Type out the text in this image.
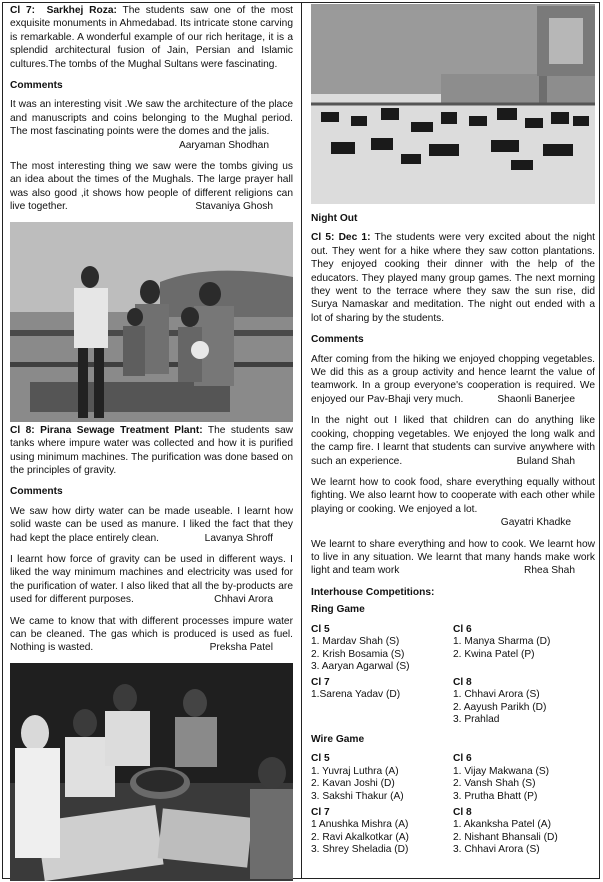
Cl 7: Sarkhej Roza: The students saw one of the most exquisite monuments in Ahmedabad. Its intricate stone carving is remarkable. A wonderful example of our rich heritage, it is a splendid architectural fusion of Jain, Persian and Islamic cultures.The tombs of the Mughal Sultans were fascinating.

Comments

It was an interesting visit .We saw the architecture of the place and manuscripts and coins belonging to the Mughal period. The most fascinating points were the domes and the jalis.

Aaryaman Shodhan

The most interesting thing we saw were the tombs giving us an idea about the times of the Mughals. The large prayer hall was also good ,it shows how people of different religions can live together.	Stavaniya Ghosh

Cl 8: Pirana Sewage Treatment Plant: The students saw tanks where impure water was collected and how it is purified using minimum machines. The purification was done based on the principles of gravity.

Comments

We saw how dirty water can be made useable. I learnt how solid waste can be used as manure. I liked the fact that they had kept the place entirely clean.	Lavanya Shroff

I learnt how force of gravity can be used in different ways. I liked the way minimum machines and electricity was used for the purification of water. I also liked that all the by-products are used for different purposes.	Chhavi Arora

We came to know that with different processes impure water can be cleaned. The gas which is produced is used as fuel. Nothing is wasted.	Preksha Patel

Night Out

Cl 5: Dec 1: The students were very excited about the night out. They went for a hike where they saw cotton plantations. They enjoyed cooking their dinner with the help of the educators. They played many group games. The next morning they went to the terrace where they saw the sun rise, did Surya Namaskar and meditation. The night out ended with a lot of sharing by the students.

Comments

After coming from the hiking we enjoyed chopping vegetables. We did this as a group activity and hence learnt the value of teamwork. In a group everyone's cooperation is required. We enjoyed our Pav-Bhaji very much.	Shaonli Banerjee

In the night out I liked that children can do anything like cooking, chopping vegetables. We enjoyed the long walk and the camp fire. I learnt that students can survive anywhere with such an experience.	Buland Shah

We learnt how to cook food, share everything equally without fighting. We also learnt how to cooperate with each other while playing or cooking. We enjoyed a lot.

Gayatri Khadke

We learnt to share everything and how to cook. We learnt how to live in any situation. We learnt that many hands make work light and team work	Rhea Shah

Interhouse Competitions:
Ring Game
Cl 5
1. Mardav Shah (S)
2. Krish Bosamia (S)
3. Aaryan Agarwal (S)
Cl 6
1. Manya Sharma (D)
2. Kwina Patel (P)
Cl 7
1.Sarena Yadav (D)
Cl 8
1. Chhavi Arora (S)
2. Aayush Parikh (D)
3. Prahlad
Wire Game
Cl 5
1. Yuvraj Luthra (A)
2. Kavan Joshi (D)
3. Sakshi Thakur (A)
Cl 6
1. Vijay Makwana (S)
2. Vansh Shah (S)
3. Prutha Bhatt (P)
Cl 7
1 Anushka Mishra (A)
2. Ravi Akalkotkar (A)
3. Shrey Sheladia (D)
Cl 8
1. Akanksha Patel (A)
2. Nishant Bhansali (D)
3. Chhavi Arora (S)
